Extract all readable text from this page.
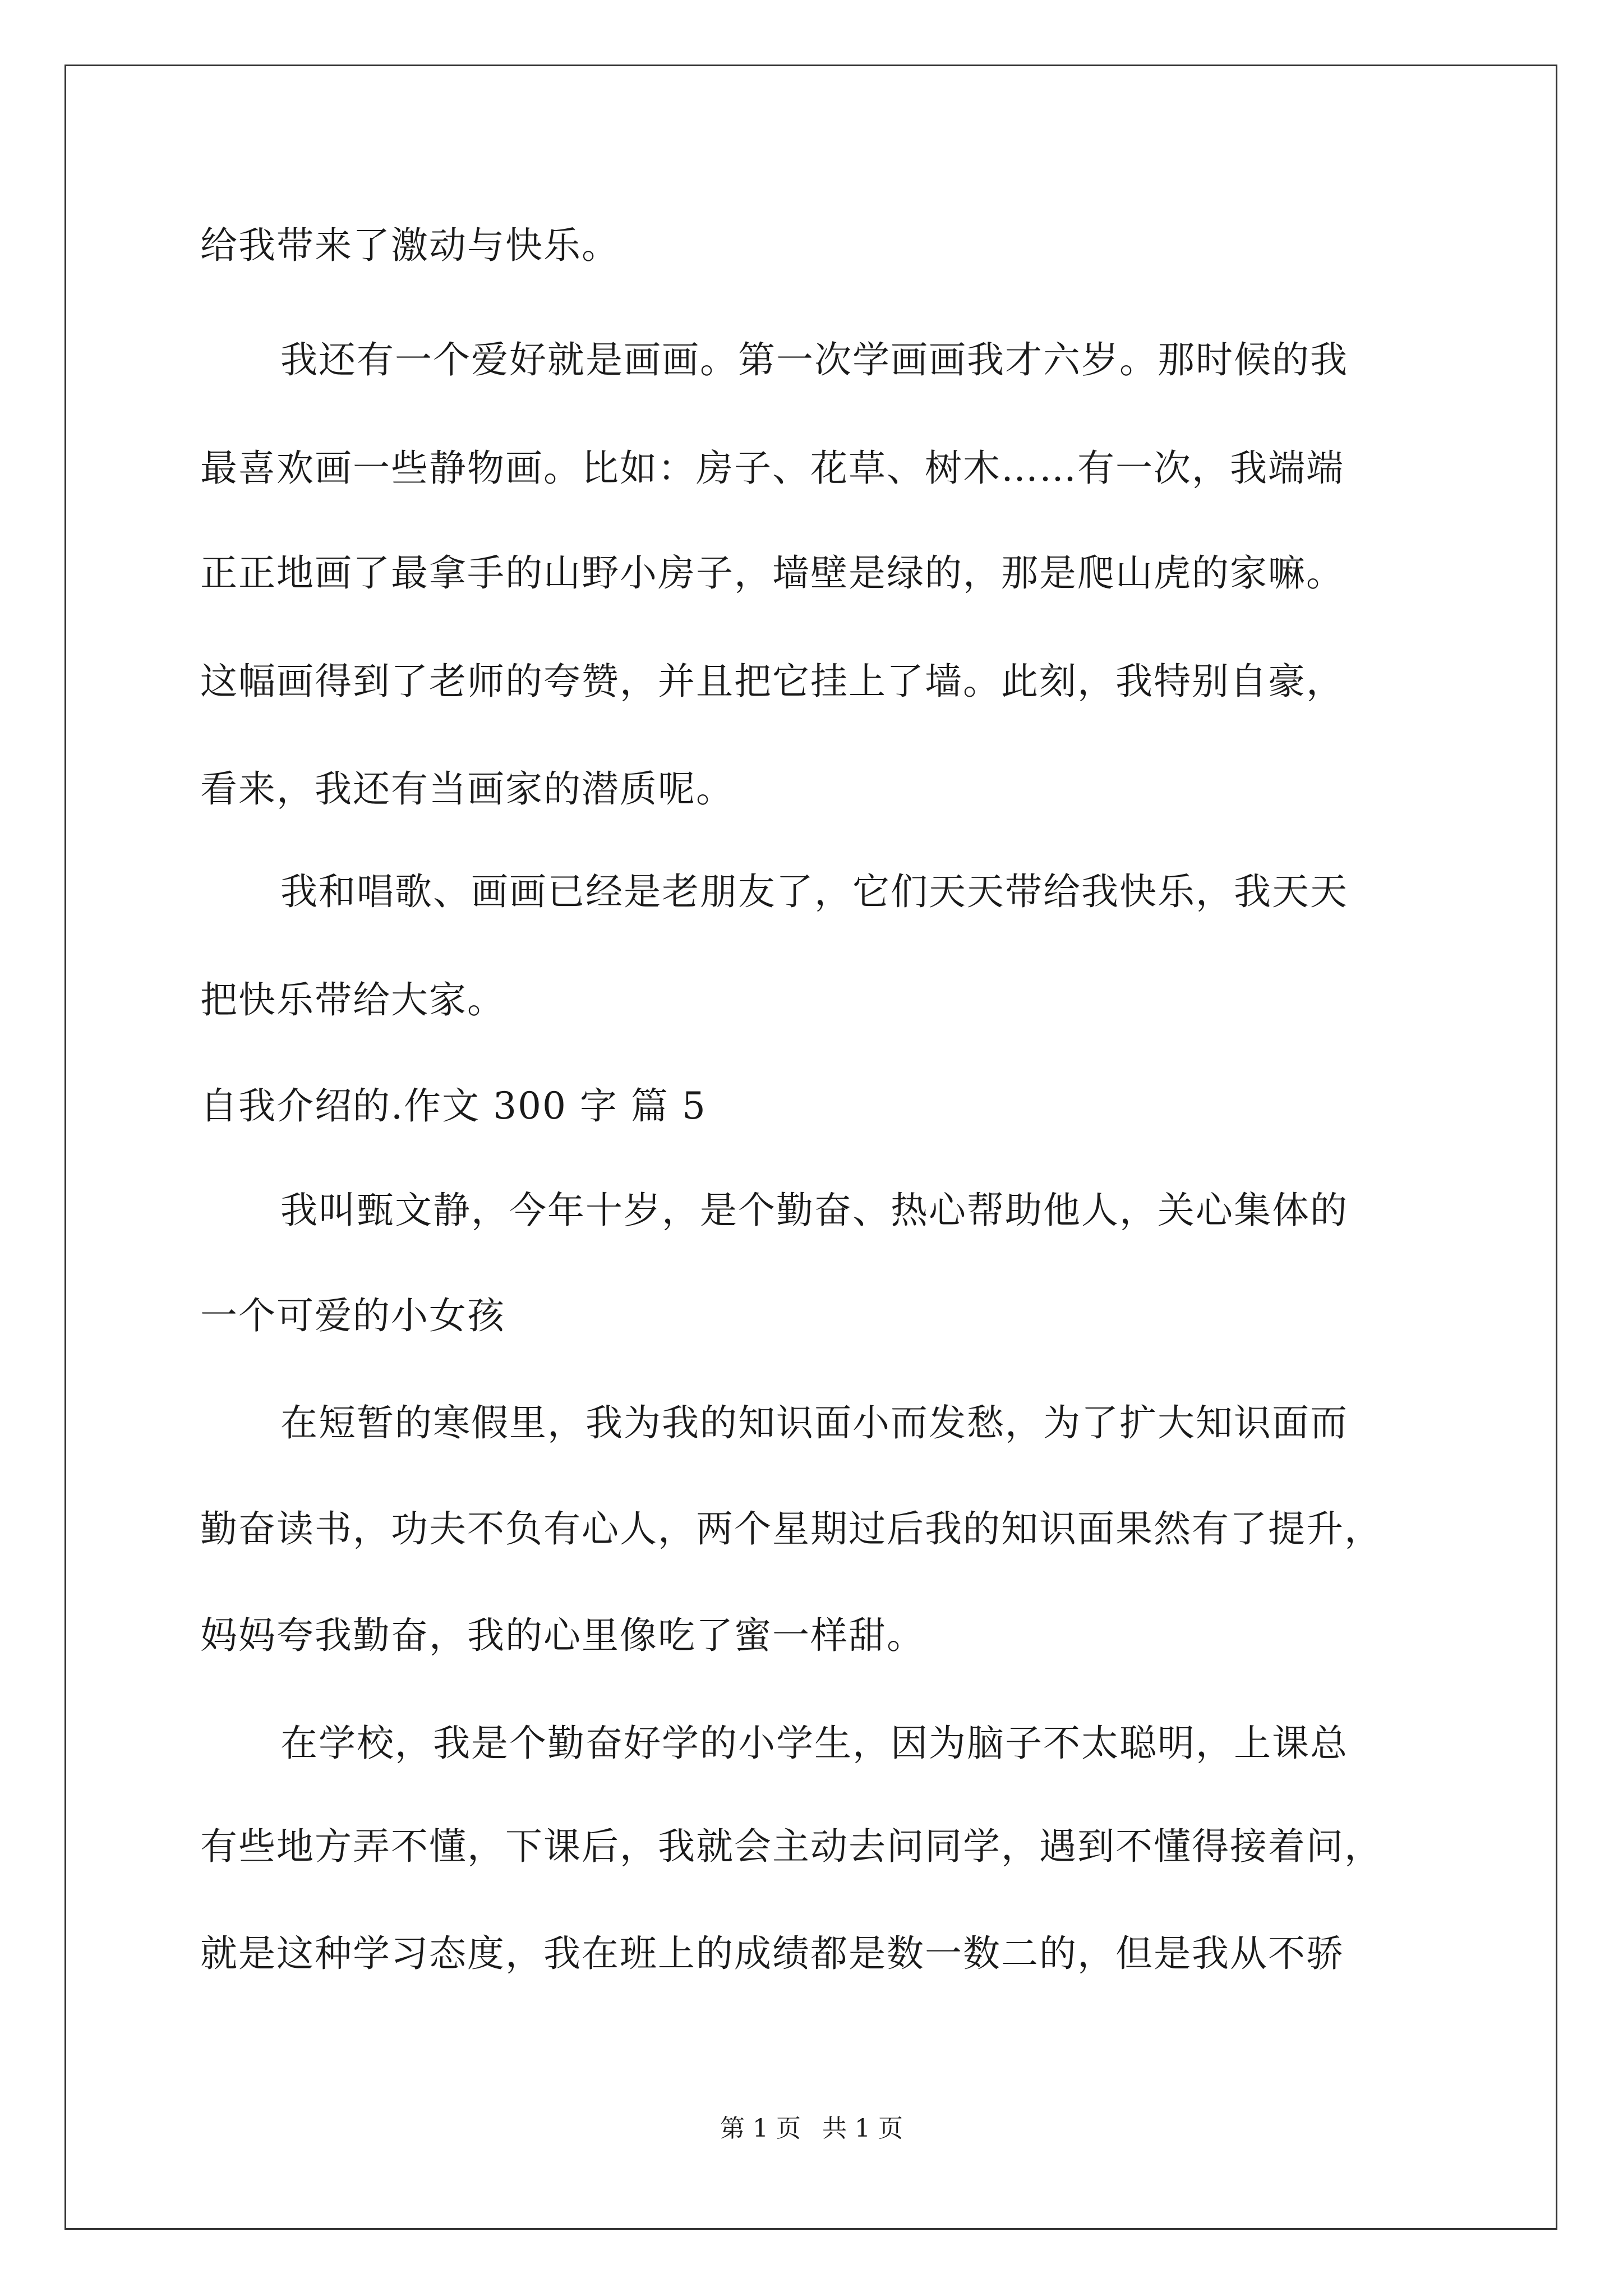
给我带来了激动与快乐。
我还有一个爱好就是画画。第一次学画画我才六岁。那时候的我
最喜欢画一些静物画。比如：房子、花草、树木……有一次，我端端
正正地画了最拿手的山野小房子，墙壁是绿的，那是爬山虎的家嘛。
这幅画得到了老师的夸赞，并且把它挂上了墙。此刻，我特别自豪，
看来，我还有当画家的潜质呢。
我和唱歌、画画已经是老朋友了，它们天天带给我快乐，我天天
把快乐带给大家。
自我介绍的.作文 300 字 篇 5
我叫甄文静，今年十岁，是个勤奋、热心帮助他人，关心集体的
一个可爱的小女孩
在短暂的寒假里，我为我的知识面小而发愁，为了扩大知识面而
勤奋读书，功夫不负有心人，两个星期过后我的知识面果然有了提升，
妈妈夸我勤奋，我的心里像吃了蜜一样甜。
在学校，我是个勤奋好学的小学生，因为脑子不太聪明，上课总
有些地方弄不懂，下课后，我就会主动去问同学，遇到不懂得接着问，
就是这种学习态度，我在班上的成绩都是数一数二的，但是我从不骄
第 1 页 共 1 页
